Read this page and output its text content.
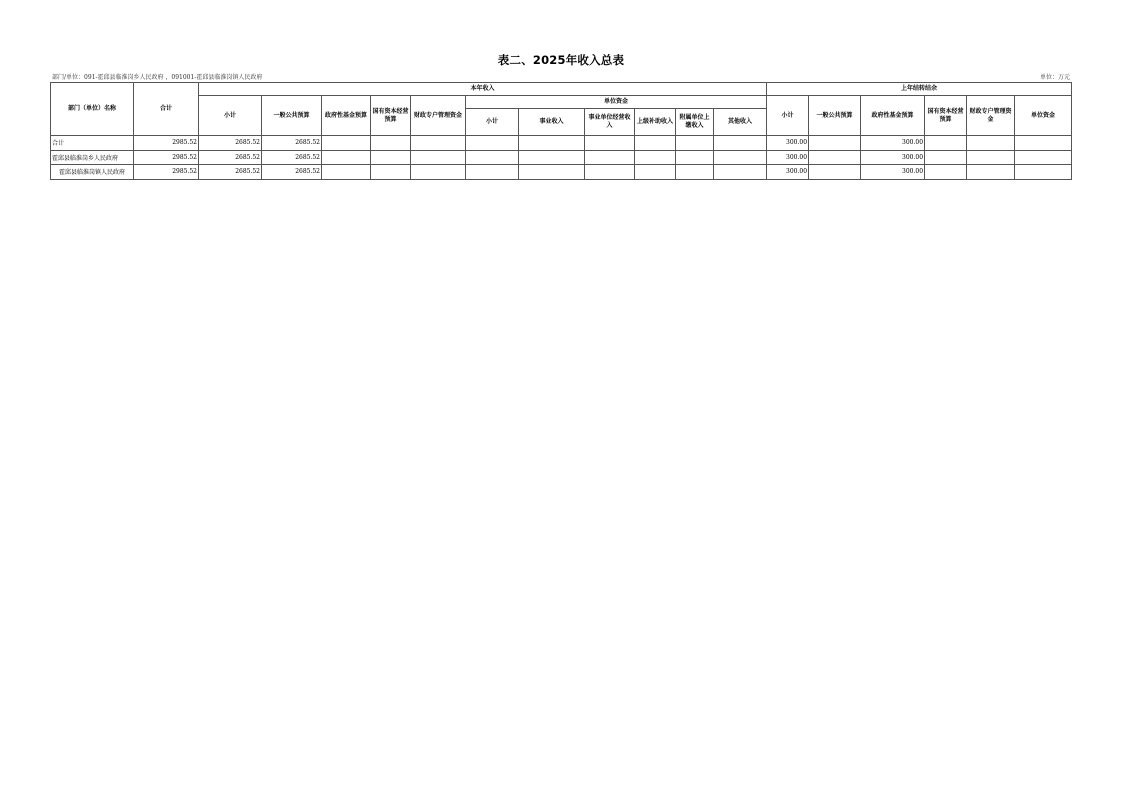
表二、2025年收入总表
部门/单位：091-霍邱县临淮岗乡人民政府 ，091001-霍邱县临淮岗镇人民政府	单位：万元
部门（单位）名称	合计	本年收入											上年结转结余					
		小计	一般公共预算	政府性基金预算	国有资本经营预算	财政专户管理资金	单位资金						小计	一般公共预算	政府性基金预算	国有资本经营预算	财政专户管理资金	单位资金
							小计	事业收入	事业单位经营收入	上级补助收入	附属单位上缴收入	其他收入						
合计	2985.52	2685.52	2685.52										300.00		300.00			
霍邱县临淮岗乡人民政府	2985.52	2685.52	2685.52										300.00		300.00			
霍邱县临淮岗镇人民政府	2985.52	2685.52	2685.52										300.00		300.00			
